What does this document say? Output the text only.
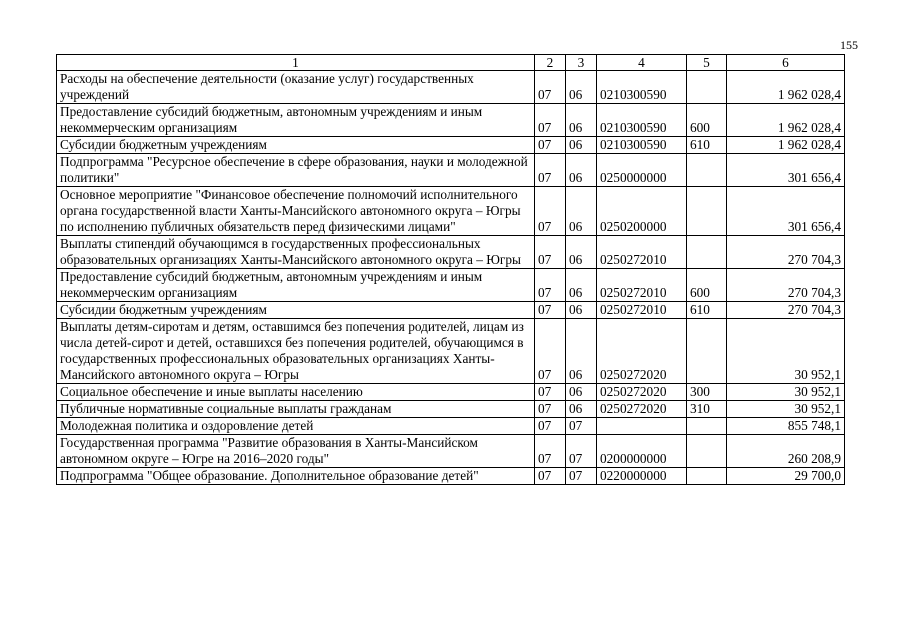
155
1	2	3	4	5	6
Расходы на обеспечение деятельности (оказание услуг) государственных учреждений	07	06	0210300590		1 962 028,4
Предоставление субсидий бюджетным, автономным учреждениям и иным некоммерческим организациям	07	06	0210300590	600	1 962 028,4
Субсидии бюджетным учреждениям	07	06	0210300590	610	1 962 028,4
Подпрограмма "Ресурсное обеспечение в сфере образования, науки и молодежной политики"	07	06	0250000000		301 656,4
Основное мероприятие "Финансовое обеспечение полномочий исполнительного органа государственной власти Ханты-Мансийского автономного округа – Югры по исполнению публичных обязательств перед физическими лицами"	07	06	0250200000		301 656,4
Выплаты стипендий обучающимся в государственных профессиональных образовательных организациях Ханты-Мансийского автономного округа – Югры	07	06	0250272010		270 704,3
Предоставление субсидий бюджетным, автономным учреждениям и иным некоммерческим организациям	07	06	0250272010	600	270 704,3
Субсидии бюджетным учреждениям	07	06	0250272010	610	270 704,3
Выплаты детям-сиротам и детям, оставшимся без попечения родителей, лицам из числа детей-сирот и детей, оставшихся без попечения родителей, обучающимся в государственных профессиональных образовательных организациях Ханты-Мансийского автономного округа – Югры	07	06	0250272020		30 952,1
Социальное обеспечение и иные выплаты населению	07	06	0250272020	300	30 952,1
Публичные нормативные социальные выплаты гражданам	07	06	0250272020	310	30 952,1
Молодежная политика и оздоровление детей	07	07			855 748,1
Государственная программа "Развитие образования в Ханты-Мансийском автономном округе – Югре на 2016–2020 годы"	07	07	0200000000		260 208,9
Подпрограмма "Общее образование. Дополнительное образование детей"	07	07	0220000000		29 700,0
